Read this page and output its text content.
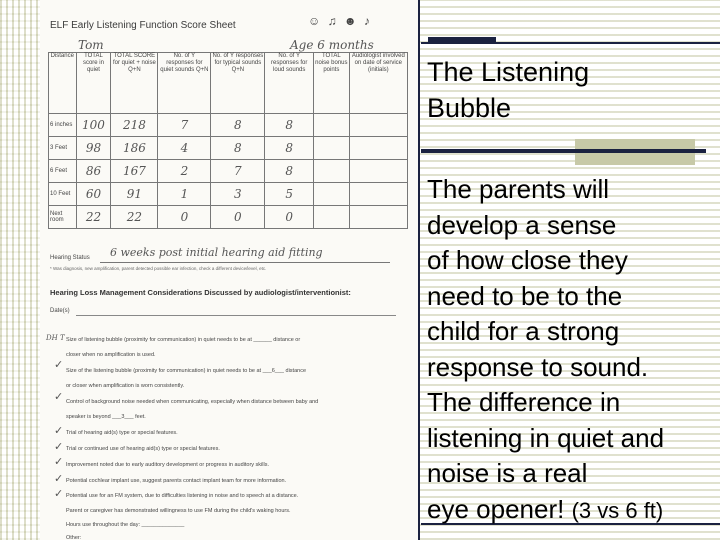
ELF Early Listening Function Score Sheet	☺ ♫ ☻ ♪
Tom	Age 6 months
Distance	TOTAL score in quiet	TOTAL SCORE for quiet + noise Q+N	No. of Y responses for quiet sounds Q+N	No. of Y responses for typical sounds Q+N	No. of Y responses for loud sounds	TOTAL noise bonus points	Audiologist involved on date of service (initials)
6 inches	100	218	7	8	8		
3 Feet	98	186	4	8	8		
6 Feet	86	167	2	7	8		
10 Feet	60	91	1	3	5		
Next room	22	22	0	0	0		
Hearing Status 6 weeks post initial hearing aid fitting
* Was diagnosis, new amplification, parent detected possible ear infection, check a different device/level, etc.
Hearing Loss Management Considerations Discussed by audiologist/interventionist:
Date(s)
DH T Size of listening bubble (proximity for communication) in quiet needs to be at ______ distance or
closer when no amplification is used.
✓ Size of the listening bubble (proximity for communication) in quiet needs to be at ___6___ distance
or closer when amplification is worn consistently.
✓ Control of background noise needed when communicating, especially when distance between baby and
speaker is beyond ___3___ feet.
✓ Trial of hearing aid(s) type or special features.
✓ Trial or continued use of hearing aid(s) type or special features.
✓ Improvement noted due to early auditory development or progress in auditory skills.
✓ Potential cochlear implant use, suggest parents contact implant team for more information.
✓ Potential use for an FM system, due to difficulties listening in noise and to speech at a distance.
Parent or caregiver has demonstrated willingness to use FM during the child's waking hours.
Hours use throughout the day: ______________
Other:
The Listening
Bubble
The parents will
develop a sense
of how close they
need to be to the
child for a strong
response to sound.
The difference in
listening in quiet and
noise is a real
eye opener! (3 vs 6 ft)
